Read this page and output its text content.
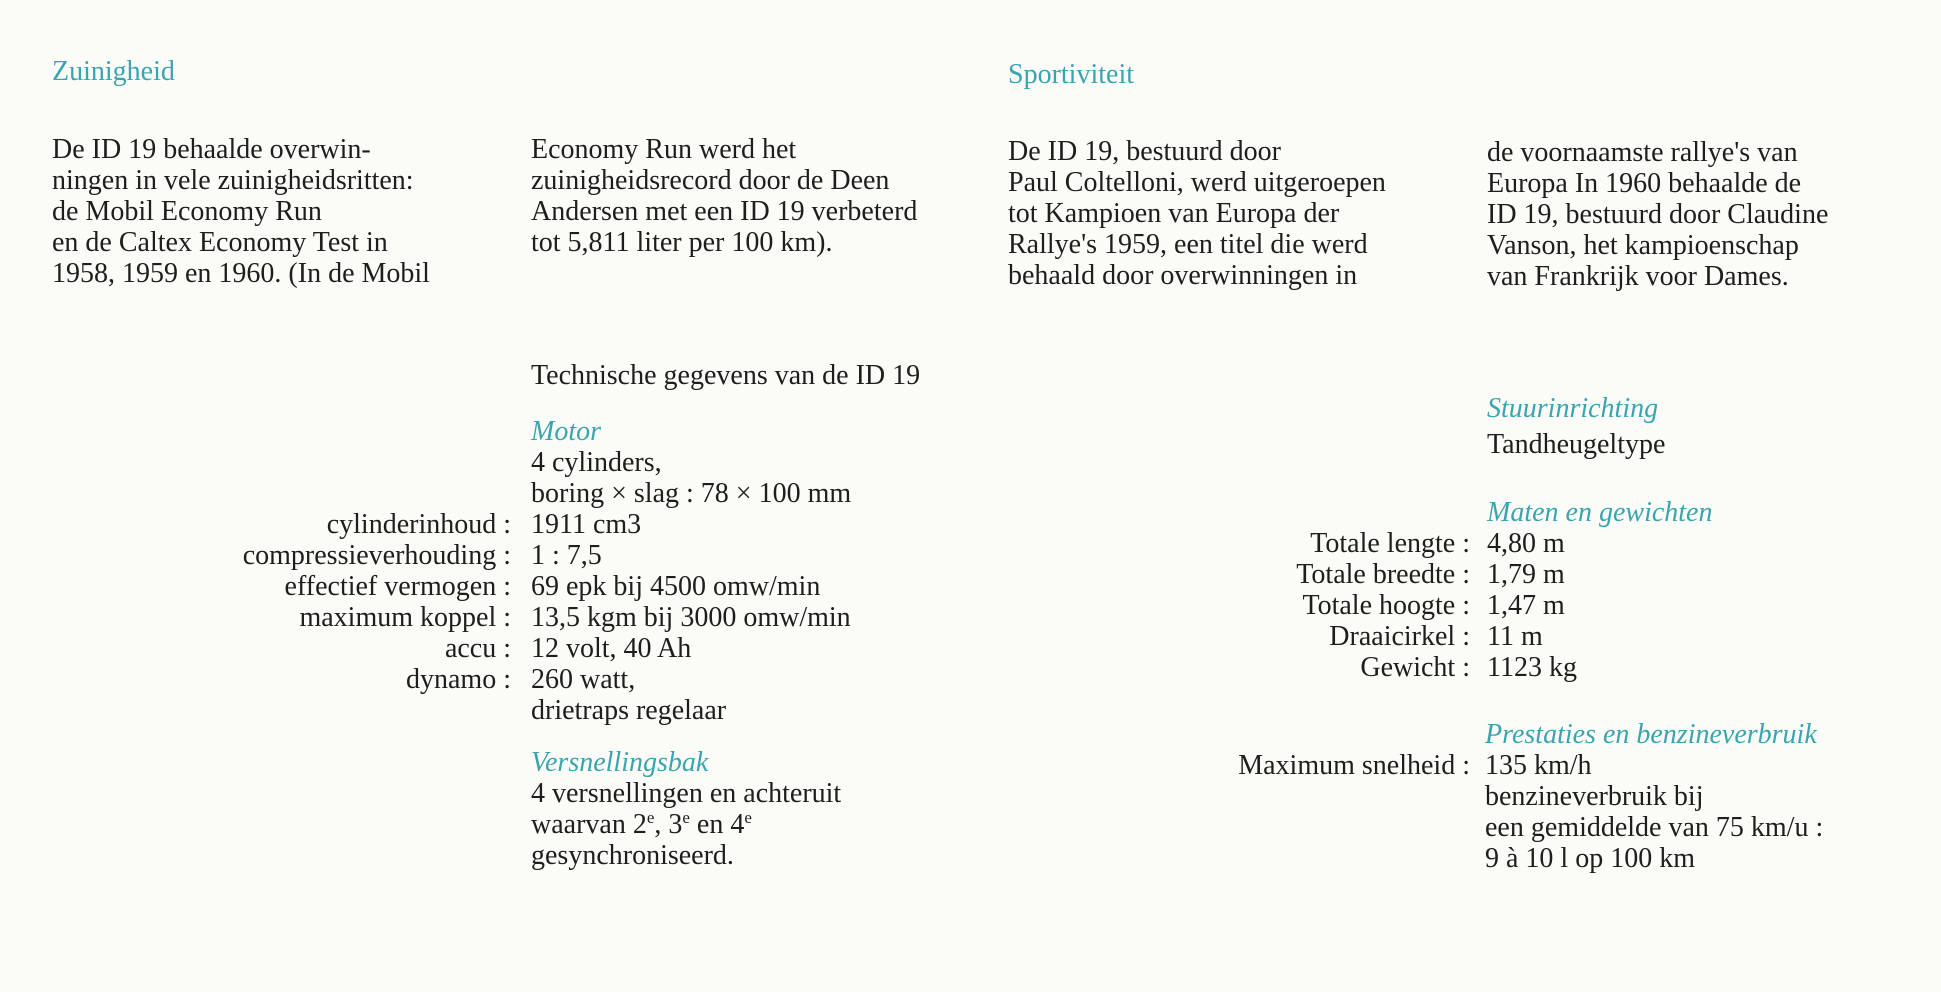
Zuinigheid	Sportiviteit
De ID 19 behaalde overwin-
ningen in vele zuinigheidsritten:
de Mobil Economy Run
en de Caltex Economy Test in
1958, 1959 en 1960. (In de Mobil
Economy Run werd het
zuinigheidsrecord door de Deen
Andersen met een ID 19 verbeterd
tot 5,811 liter per 100 km).
De ID 19, bestuurd door
Paul Coltelloni, werd uitgeroepen
tot Kampioen van Europa der
Rallye's 1959, een titel die werd
behaald door overwinningen in
de voornaamste rallye's van
Europa In 1960 behaalde de
ID 19, bestuurd door Claudine
Vanson, het kampioenschap
van Frankrijk voor Dames.
Technische gegevens van de ID 19
Motor
4 cylinders,
boring × slag : 78 × 100 mm
cylinderinhoud : 1911 cm3
compressieverhouding : 1 : 7,5
effectief vermogen : 69 epk bij 4500 omw/min
maximum koppel : 13,5 kgm bij 3000 omw/min
accu : 12 volt, 40 Ah
dynamo : 260 watt,
drietraps regelaar
Versnellingsbak
4 versnellingen en achteruit
waarvan 2e, 3e en 4e
gesynchroniseerd.
Stuurinrichting
Tandheugeltype
Maten en gewichten
Totale lengte : 4,80 m
Totale breedte : 1,79 m
Totale hoogte : 1,47 m
Draaicirkel : 11 m
Gewicht : 1123 kg
Prestaties en benzineverbruik
Maximum snelheid : 135 km/h
benzineverbruik bij
een gemiddelde van 75 km/u :
9 à 10 l op 100 km
